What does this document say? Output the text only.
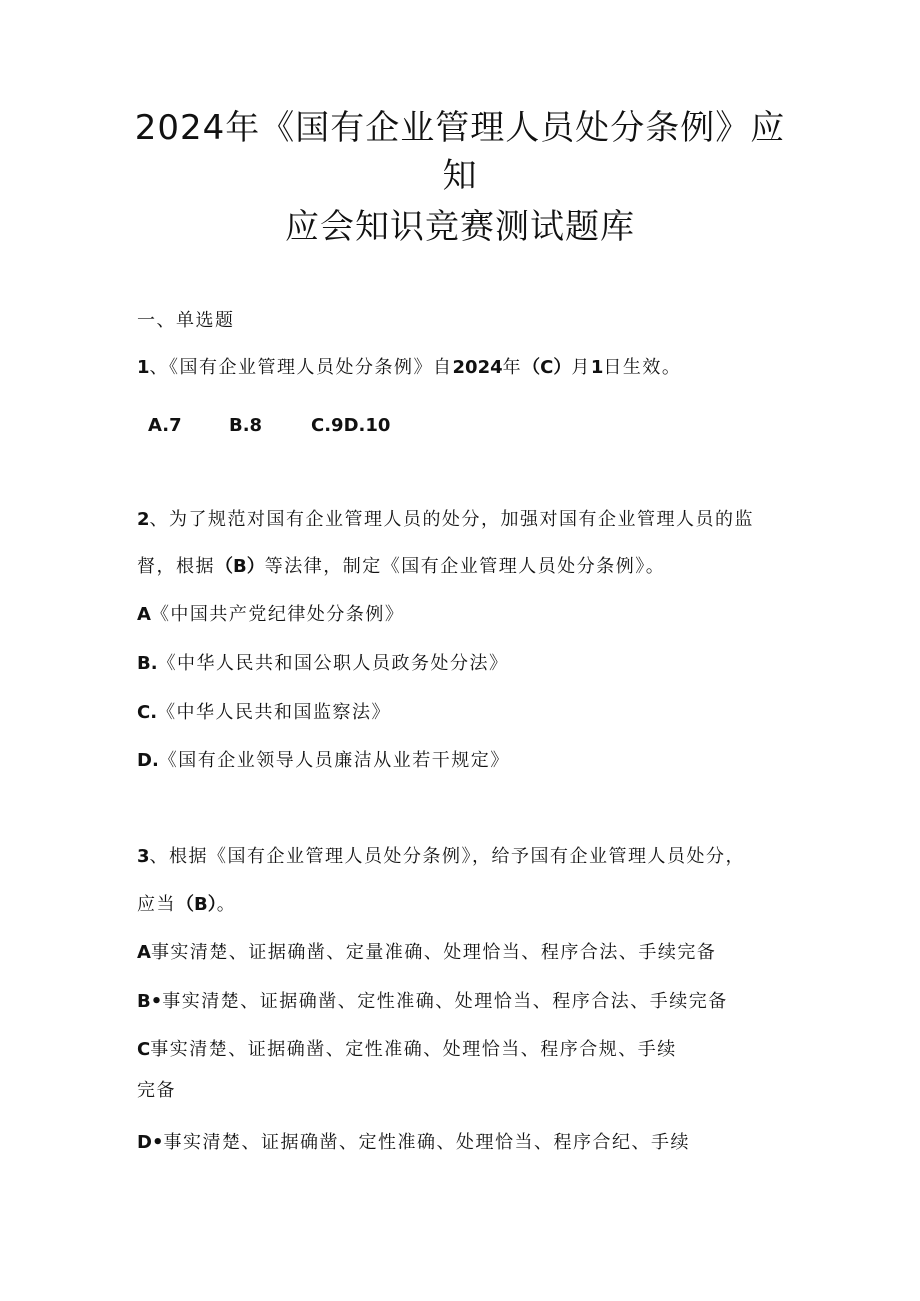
2024年《国有企业管理人员处分条例》应
知
应会知识竞赛测试题库
一、单选题
1、《国有企业管理人员处分条例》自2024年（C）月1日生效。
A.7	B.8	C.9D.10
2、为了规范对国有企业管理人员的处分，加强对国有企业管理人员的监
督，根据（B）等法律，制定《国有企业管理人员处分条例》。
A《中国共产党纪律处分条例》
B.《中华人民共和国公职人员政务处分法》
C.《中华人民共和国监察法》
D.《国有企业领导人员廉洁从业若干规定》
3、根据《国有企业管理人员处分条例》，给予国有企业管理人员处分，
应当（B）。
A事实清楚、证据确凿、定量准确、处理恰当、程序合法、手续完备
B•事实清楚、证据确凿、定性准确、处理恰当、程序合法、手续完备
C事实清楚、证据确凿、定性准确、处理恰当、程序合规、手续
完备
D•事实清楚、证据确凿、定性准确、处理恰当、程序合纪、手续
